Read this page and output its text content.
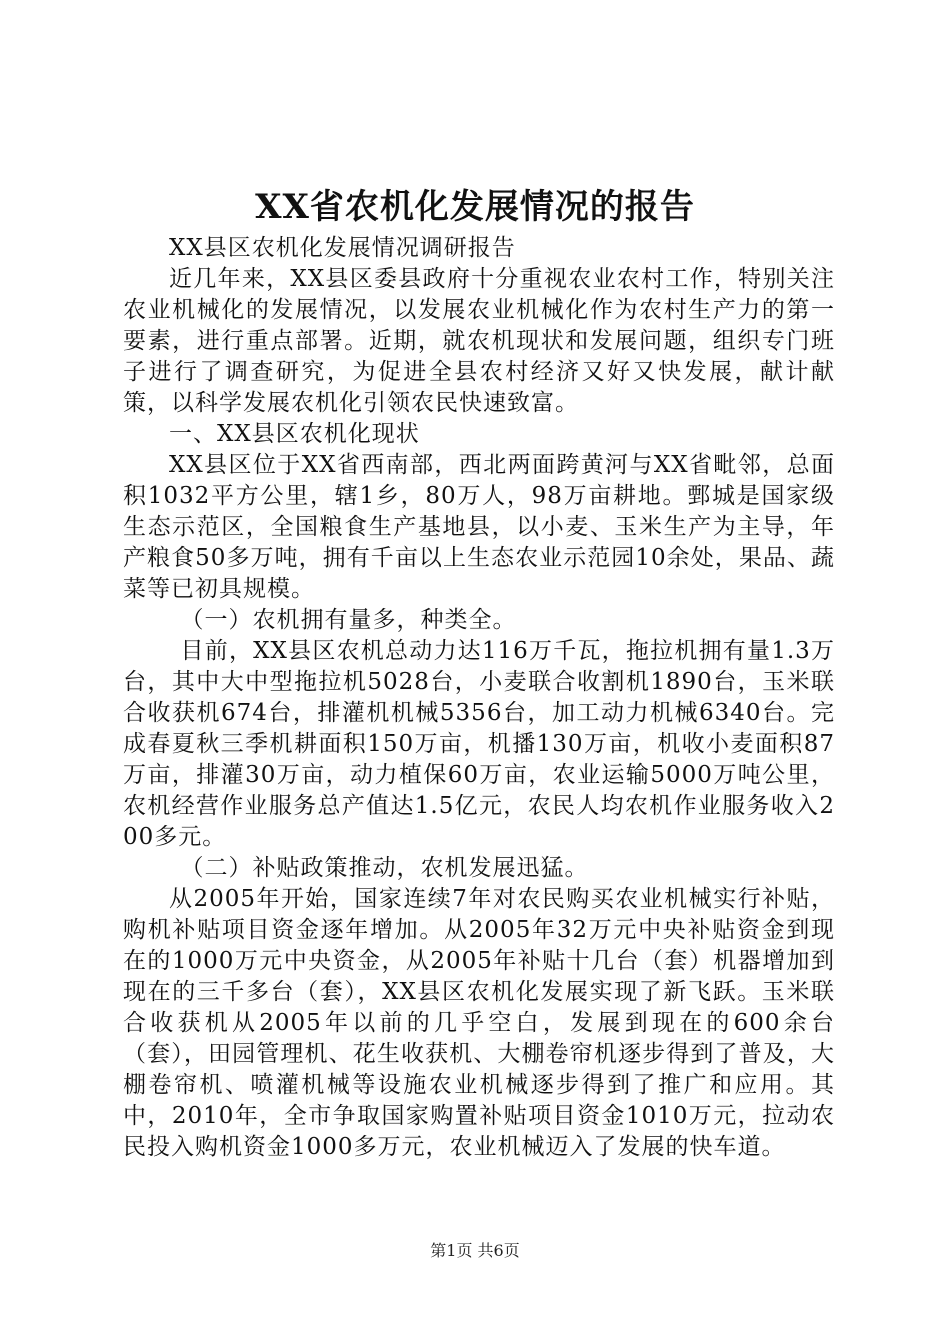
XX省农机化发展情况的报告

XX县区农机化发展情况调研报告

近几年来，XX县区委县政府十分重视农业农村工作，特别关注农业机械化的发展情况，以发展农业机械化作为农村生产力的第一要素，进行重点部署。近期，就农机现状和发展问题，组织专门班子进行了调查研究，为促进全县农村经济又好又快发展，献计献策，以科学发展农机化引领农民快速致富。

一、XX县区农机化现状

XX县区位于XX省西南部，西北两面跨黄河与XX省毗邻，总面积1032平方公里，辖1乡，80万人，98万亩耕地。鄄城是国家级生态示范区，全国粮食生产基地县，以小麦、玉米生产为主导，年产粮食50多万吨，拥有千亩以上生态农业示范园10余处，果品、蔬菜等已初具规模。

（一）农机拥有量多，种类全。

目前，XX县区农机总动力达116万千瓦，拖拉机拥有量1.3万台，其中大中型拖拉机5028台，小麦联合收割机1890台，玉米联合收获机674台，排灌机机械5356台，加工动力机械6340台。完成春夏秋三季机耕面积150万亩，机播130万亩，机收小麦面积87万亩，排灌30万亩，动力植保60万亩，农业运输5000万吨公里，农机经营作业服务总产值达1.5亿元，农民人均农机作业服务收入200多元。

（二）补贴政策推动，农机发展迅猛。

从2005年开始，国家连续7年对农民购买农业机械实行补贴，购机补贴项目资金逐年增加。从2005年32万元中央补贴资金到现在的1000万元中央资金，从2005年补贴十几台（套）机器增加到现在的三千多台（套），XX县区农机化发展实现了新飞跃。玉米联合收获机从2005年以前的几乎空白，发展到现在的600余台（套），田园管理机、花生收获机、大棚卷帘机逐步得到了普及，大棚卷帘机、喷灌机械等设施农业机械逐步得到了推广和应用。其中，2010年，全市争取国家购置补贴项目资金1010万元，拉动农民投入购机资金1000多万元，农业机械迈入了发展的快车道。

第1页 共6页
